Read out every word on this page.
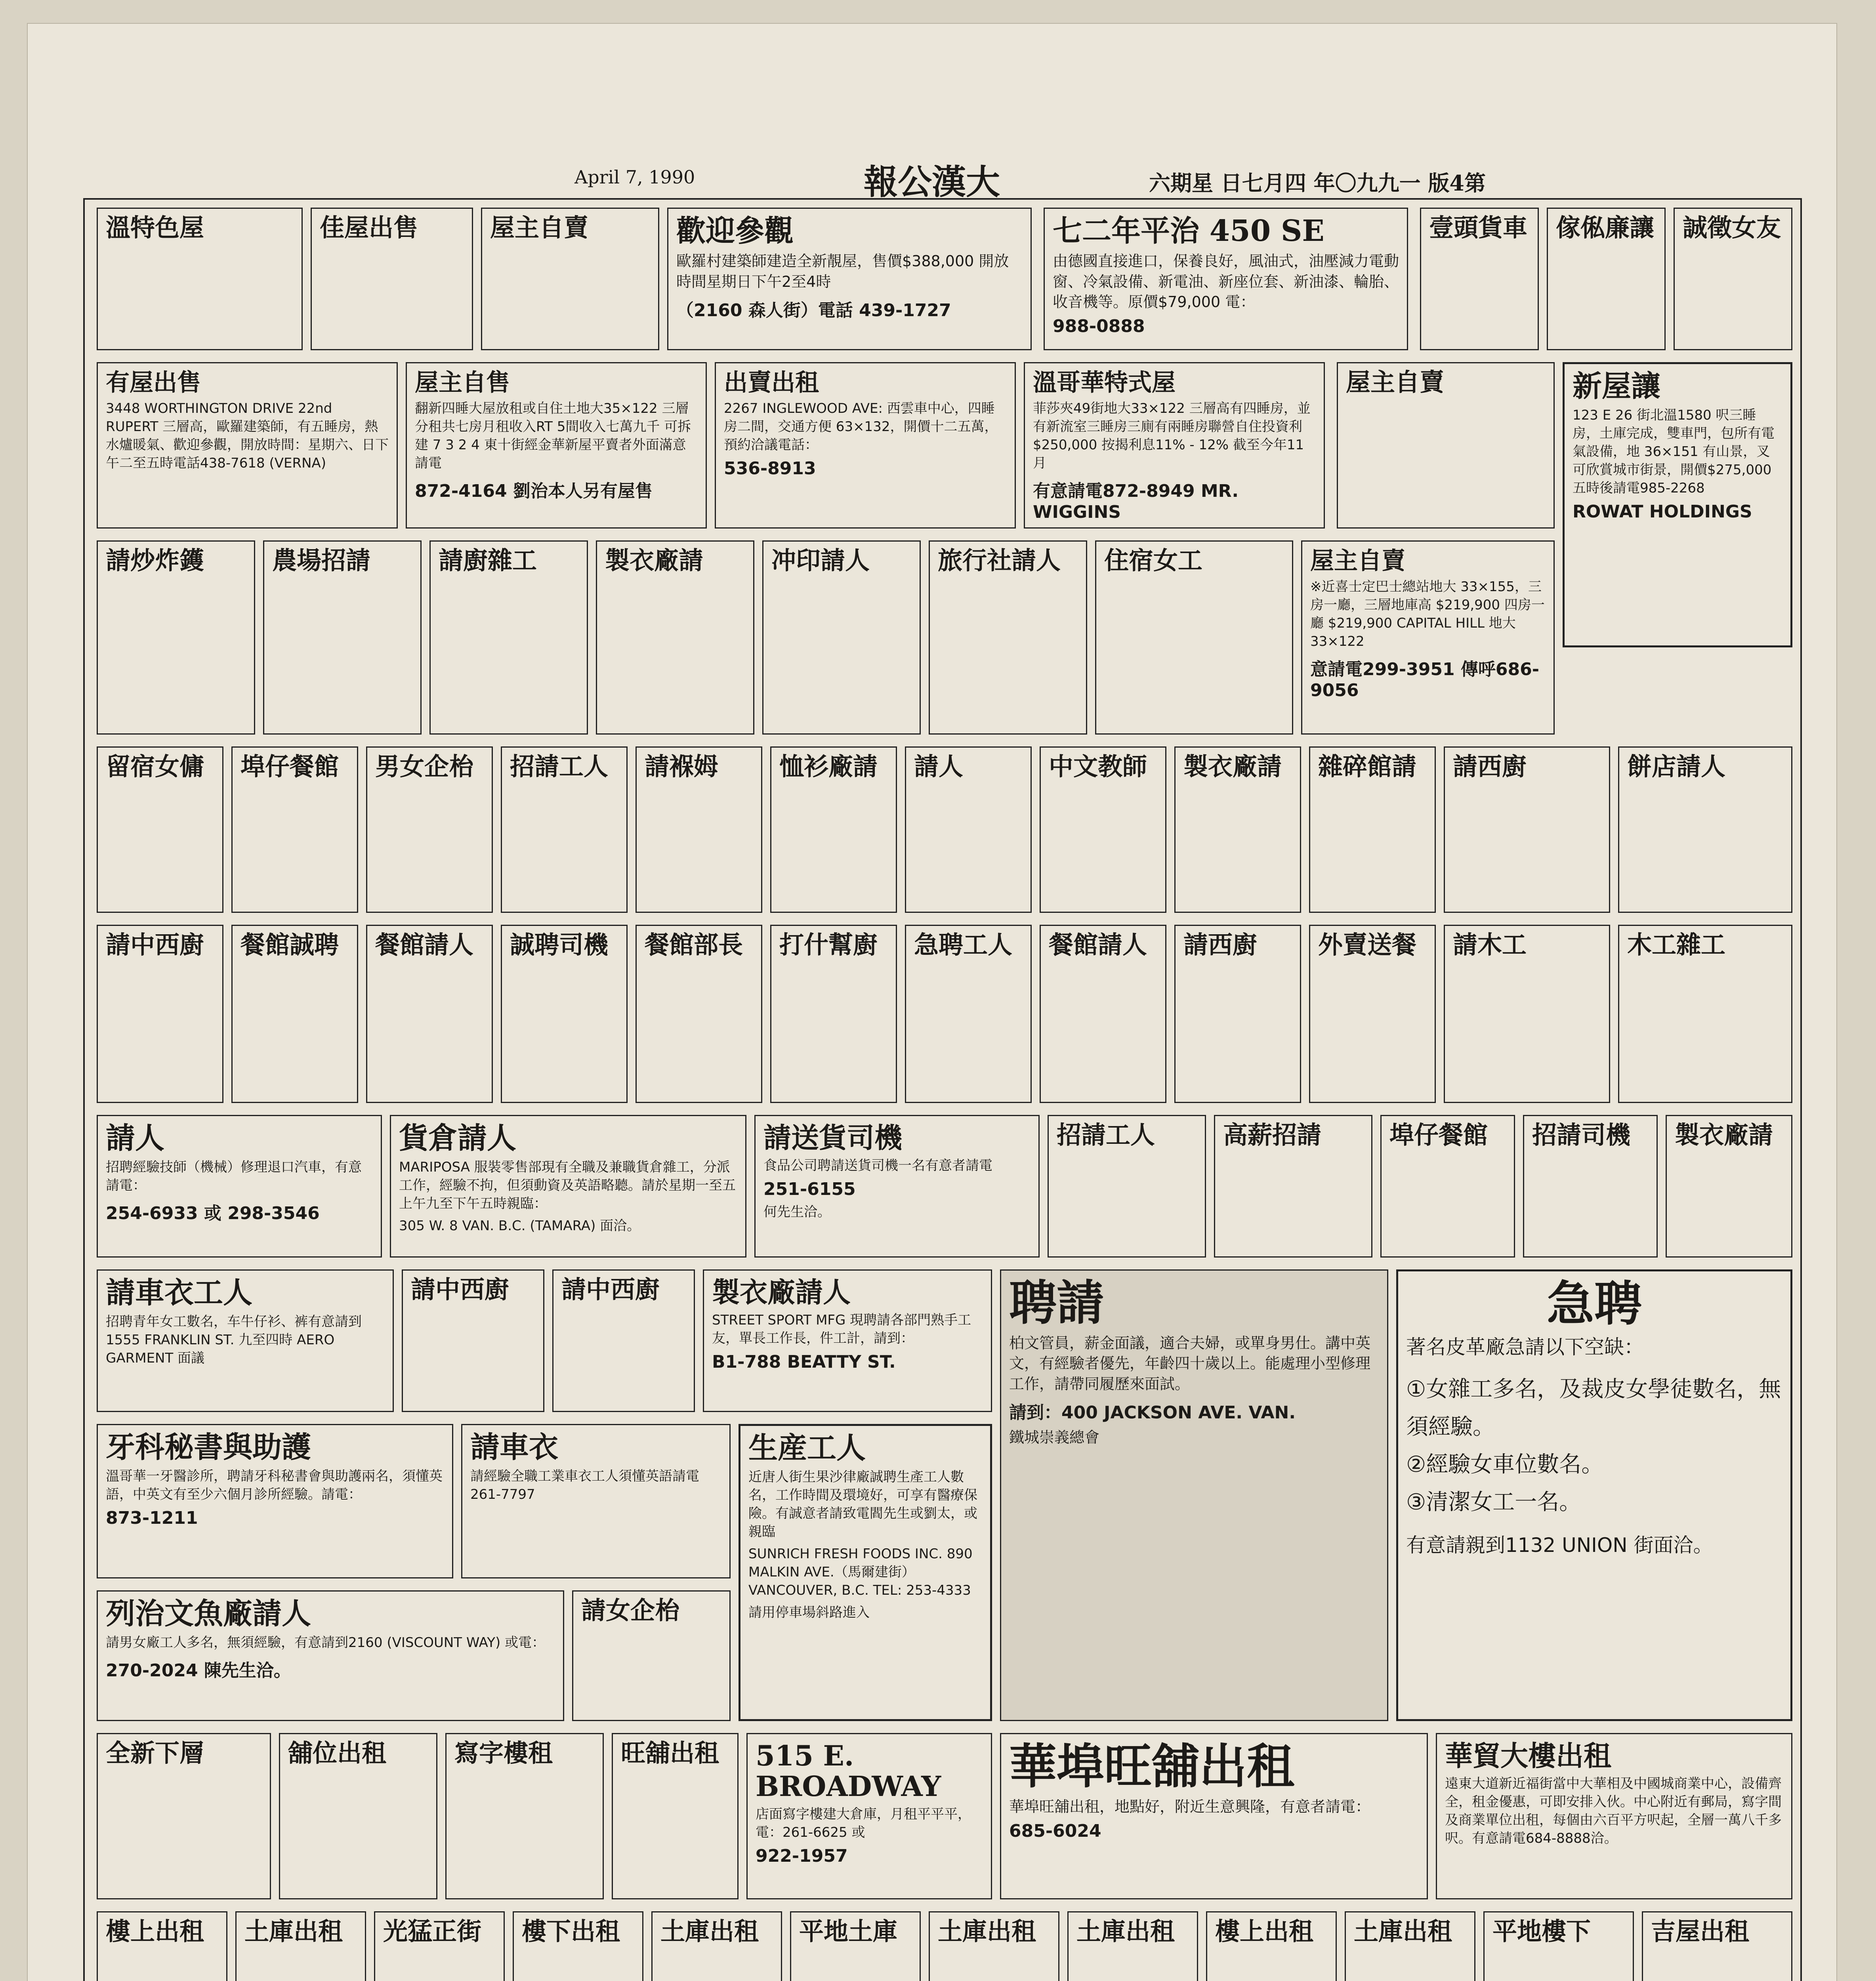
April 7, 1990	報公漢大	六期星 日七月四 年〇九九一 版4第
溫特色屋	佳屋出售	屋主自賣	歡迎參觀
歐羅村建築師建造全新靚屋，售價$388,000 開放時間星期日下午2至4時
（2160 森人街）電話 439-1727
七二年平治 450 SE
由德國直接進口，保養良好，風油式，油壓減力電動窗、冷氣設備、新電油、新座位套、新油漆、輪胎、收音機等。原價$79,000 電：
988-0888
壹頭貨車 傢俬廉讓 誠徵女友
有屋出售
3448 WORTHINGTON DRIVE 22nd RUPERT 三層高，歐羅建築師，有五睡房，熱水爐暖氣、歡迎參觀，開放時間：星期六、日下午二至五時電話438-7618 (VERNA)
屋主自售
翻新四睡大屋放租或自住土地大35×122 三層分租共七房月租收入RT 5間收入七萬九千 可拆建 7 3 2 4 東十街經金華新屋平賣者外面滿意請電
872-4164 劉治本人另有屋售
出賣出租
2267 INGLEWOOD AVE: 西雲車中心，四睡房二間，交通方便 63×132，開價十二五萬，預約洽議電話：
536-8913
溫哥華特式屋
菲莎夾49街地大33×122 三層高有四睡房，並有新流室三睡房三廁有兩睡房聯營自住投資利$250,000 按揭利息11% - 12% 截至今年11月
有意請電872-8949 MR. WIGGINS
屋主自賣	新屋讓
123 E 26 街北溫1580 呎三睡房，土庫完成，雙車門，包所有電氣設備，地 36×151 有山景，叉可欣賞城市街景，開價$275,000 五時後請電985-2268
ROWAT HOLDINGS
請炒炸鑊	農場招請	請廚雜工	製衣廠請	冲印請人	旅行社請人	住宿女工	屋主自賣
※近喜士定巴士總站地大 33×155，三房一廳，三層地庫高 $219,900 四房一廳 $219,900 CAPITAL HILL 地大 33×122
意請電299-3951 傳呼686-9056
留宿女傭	埠仔餐館	男女企枱	招請工人	請褓姆	恤衫廠請	請人	中文教師	製衣廠請	雜碎館請	請西廚	餅店請人
請中西廚	餐館誠聘	餐館請人	誠聘司機	餐館部長	打什幫廚	急聘工人	餐館請人	請西廚	外賣送餐	請木工	木工雜工
請人
招聘經驗技師（機械）修理退口汽車，有意請電：
254-6933 或 298-3546
貨倉請人
MARIPOSA 服裝零售部現有全職及兼職貨倉雜工，分派工作，經驗不拘，但須動資及英語略聽。請於星期一至五上午九至下午五時親臨：
305 W. 8 VAN. B.C. (TAMARA) 面洽。
請送貨司機
食品公司聘請送貨司機一名有意者請電
251-6155
何先生洽。
招請工人	高薪招請	埠仔餐館	招請司機	製衣廠請
請車衣工人
招聘青年女工數名，车牛仔衫、裤有意請到1555 FRANKLIN ST. 九至四時 AERO GARMENT 面議
請中西廚	請中西廚	製衣廠請人
STREET SPORT MFG 現聘請各部門熟手工友，單長工作長，件工計，請到：
B1-788 BEATTY ST.
聘請
柏文管員，薪金面議，適合夫婦，或單身男仕。講中英文，有經驗者優先，年齡四十歲以上。能處理小型修理工作，請帶同履歷來面試。
請到：400 JACKSON AVE. VAN.
鐵城崇義總會
急聘
著名皮革廠急請以下空缺：
①女雜工多名，及裁皮女學徒數名，無須經驗。
②經驗女車位數名。
③清潔女工一名。
有意請親到1132 UNION 街面洽。
牙科秘書與助護
溫哥華一牙醫診所，聘請牙科秘書會與助護兩名，須懂英語，中英文有至少六個月診所經驗。請電：
873-1211
請車衣
請經驗全職工業車衣工人須懂英語請電261-7797
生産工人
近唐人街生果沙律廠誠聘生產工人數名，工作時間及環境好，可享有醫療保險。有誠意者請致電閻先生或劉太，或親臨
SUNRICH FRESH FOODS INC. 890 MALKIN AVE.（馬爾建街） VANCOUVER, B.C. TEL: 253-4333
請用停車場斜路進入
列治文魚廠請人
請男女廠工人多名，無須經驗，有意請到2160 (VISCOUNT WAY) 或電：
270-2024 陳先生洽。
請女企枱
全新下層	舖位出租	寫字樓租	旺舖出租	515 E. BROADWAY
店面寫字樓建大倉庫，月租平平平，電：261-6625 或
922-1957
華埠旺舖出租
華埠旺舖出租，地點好，附近生意興隆，有意者請電：
685-6024
華貿大樓出租
遠東大道新近福街當中大華相及中國城商業中心，設備齊全，租金優惠，可即安排入伙。中心附近有郵局，寫字間及商業單位出租，每個由六百平方呎起，全層一萬八千多呎。有意請電684-8888洽。
樓上出租	土庫出租	光猛正街	樓下出租	土庫出租	平地土庫	土庫出租	土庫出租	樓上出租	土庫出租	平地樓下	吉屋出租
